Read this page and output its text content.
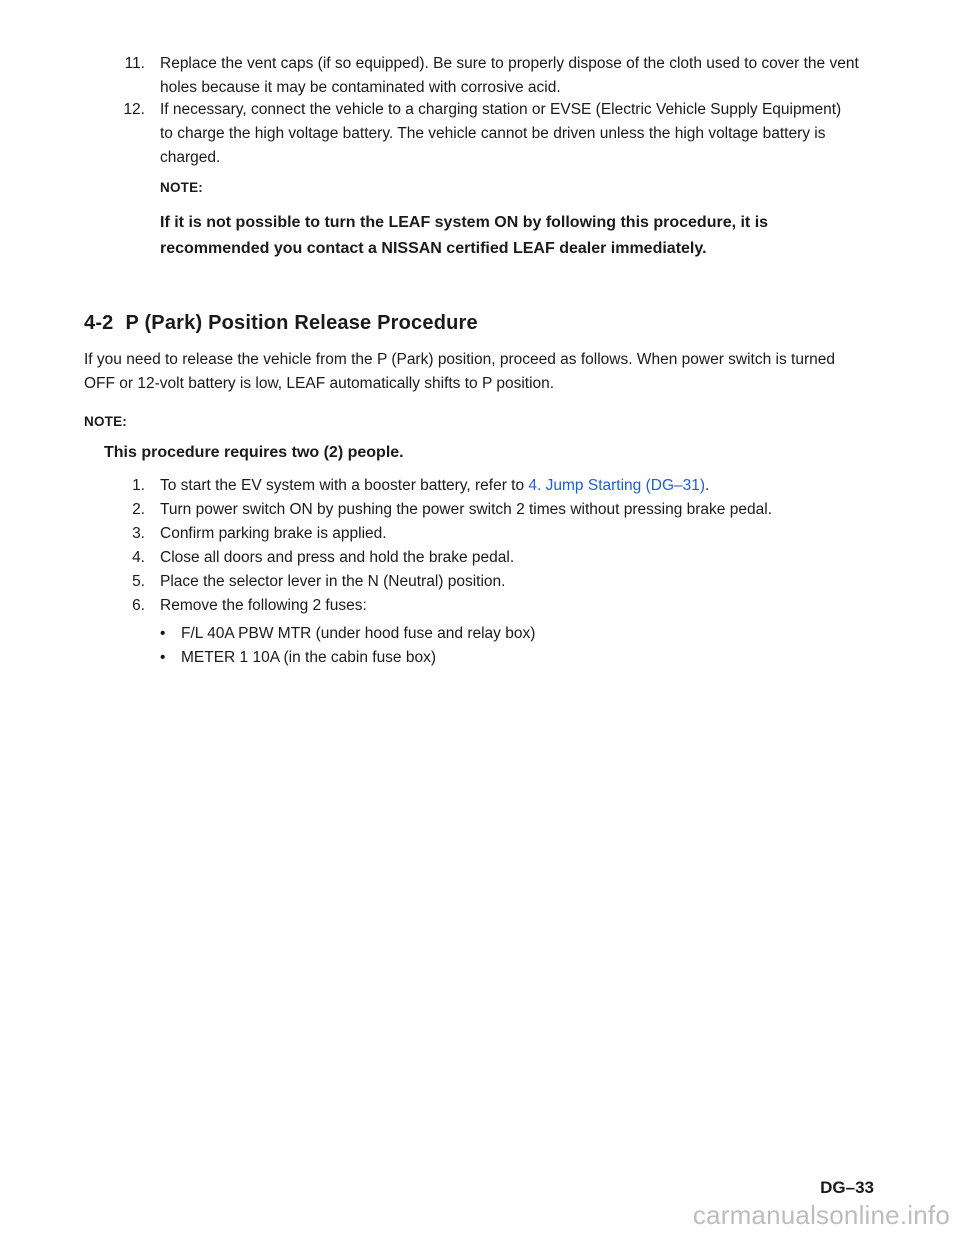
11. Replace the vent caps (if so equipped). Be sure to properly dispose of the cloth used to cover the vent holes because it may be contaminated with corrosive acid.
12. If necessary, connect the vehicle to a charging station or EVSE (Electric Vehicle Supply Equipment) to charge the high voltage battery. The vehicle cannot be driven unless the high voltage battery is charged.
NOTE:
If it is not possible to turn the LEAF system ON by following this procedure, it is recommended you contact a NISSAN certified LEAF dealer immediately.
4-2 P (Park) Position Release Procedure

If you need to release the vehicle from the P (Park) position, proceed as follows. When power switch is turned OFF or 12-volt battery is low, LEAF automatically shifts to P position.

NOTE:
This procedure requires two (2) people.
1. To start the EV system with a booster battery, refer to 4. Jump Starting (DG–31).
2. Turn power switch ON by pushing the power switch 2 times without pressing brake pedal.
3. Confirm parking brake is applied.
4. Close all doors and press and hold the brake pedal.
5. Place the selector lever in the N (Neutral) position.
6. Remove the following 2 fuses:
• F/L 40A PBW MTR (under hood fuse and relay box)
• METER 1 10A (in the cabin fuse box)
DG–33
carmanualsonline.info
